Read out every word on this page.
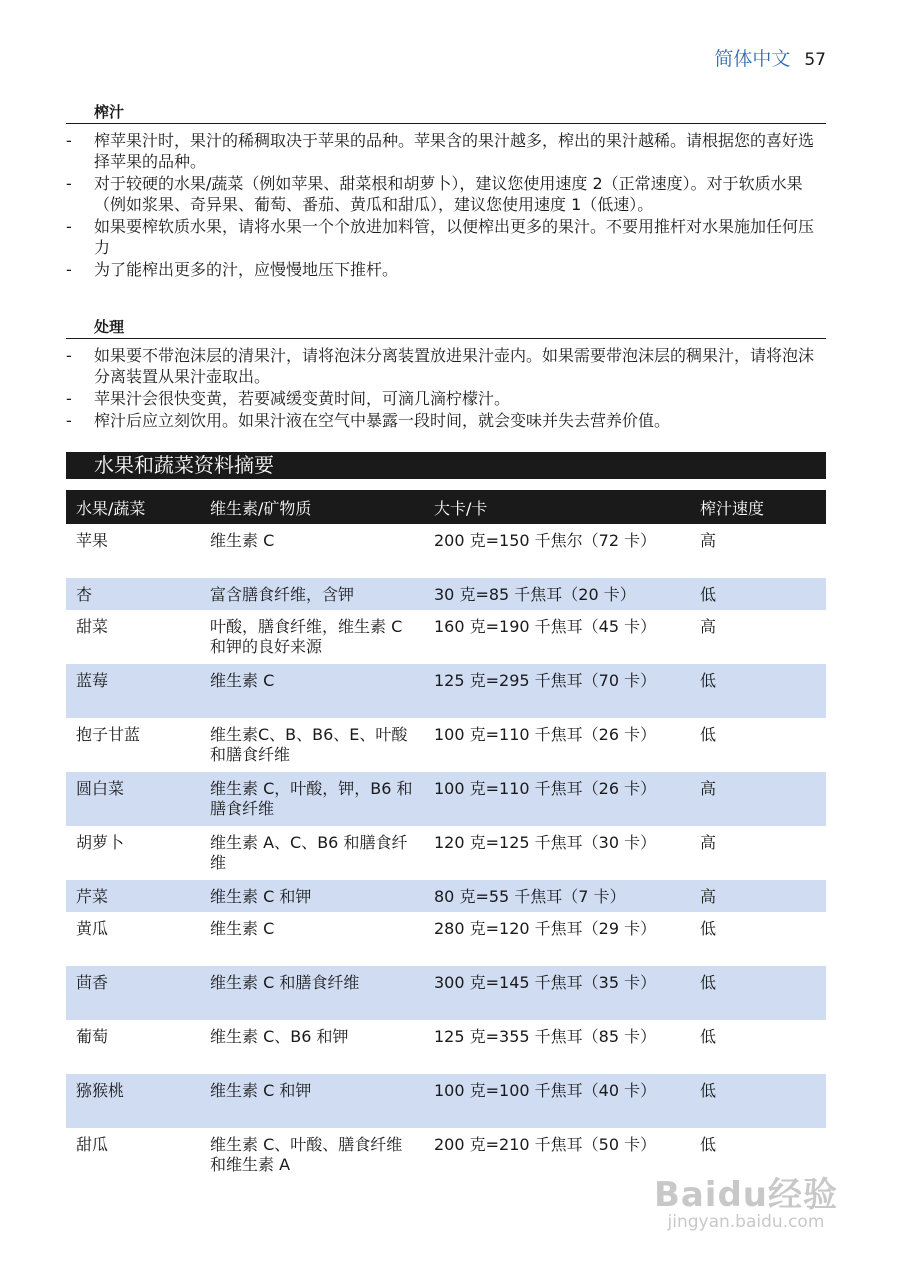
简体中文 57
榨汁
- 榨苹果汁时，果汁的稀稠取决于苹果的品种。苹果含的果汁越多，榨出的果汁越稀。请根据您的喜好选择苹果的品种。
- 对于较硬的水果/蔬菜（例如苹果、甜菜根和胡萝卜），建议您使用速度 2（正常速度）。对于软质水果（例如浆果、奇异果、葡萄、番茄、黄瓜和甜瓜），建议您使用速度 1（低速）。
- 如果要榨软质水果，请将水果一个个放进加料管，以便榨出更多的果汁。不要用推杆对水果施加任何压力
- 为了能榨出更多的汁，应慢慢地压下推杆。
处理
- 如果要不带泡沫层的清果汁，请将泡沫分离装置放进果汁壶内。如果需要带泡沫层的稠果汁，请将泡沫分离装置从果汁壶取出。
- 苹果汁会很快变黄，若要减缓变黄时间，可滴几滴柠檬汁。
- 榨汁后应立刻饮用。如果汁液在空气中暴露一段时间，就会变味并失去营养价值。
水果和蔬菜资料摘要
水果/蔬菜	维生素/矿物质	大卡/卡	榨汁速度
苹果	维生素 C	200 克=150 千焦尔（72 卡）	高
杏	富含膳食纤维，含钾	30 克=85 千焦耳（20 卡）	低
甜菜	叶酸，膳食纤维，维生素 C 和钾的良好来源	160 克=190 千焦耳（45 卡）	高
蓝莓	维生素 C	125 克=295 千焦耳（70 卡）	低
抱子甘蓝	维生素C、B、B6、E、叶酸和膳食纤维	100 克=110 千焦耳（26 卡）	低
圆白菜	维生素 C，叶酸，钾，B6 和膳食纤维	100 克=110 千焦耳（26 卡）	高
胡萝卜	维生素 A、C、B6 和膳食纤维	120 克=125 千焦耳（30 卡）	高
芹菜	维生素 C 和钾	80 克=55 千焦耳（7 卡）	高
黄瓜	维生素 C	280 克=120 千焦耳（29 卡）	低
茴香	维生素 C 和膳食纤维	300 克=145 千焦耳（35 卡）	低
葡萄	维生素 C、B6 和钾	125 克=355 千焦耳（85 卡）	低
猕猴桃	维生素 C 和钾	100 克=100 千焦耳（40 卡）	低
甜瓜	维生素 C、叶酸、膳食纤维和维生素 A	200 克=210 千焦耳（50 卡）	低
Baidu经验
jingyan.baidu.com
